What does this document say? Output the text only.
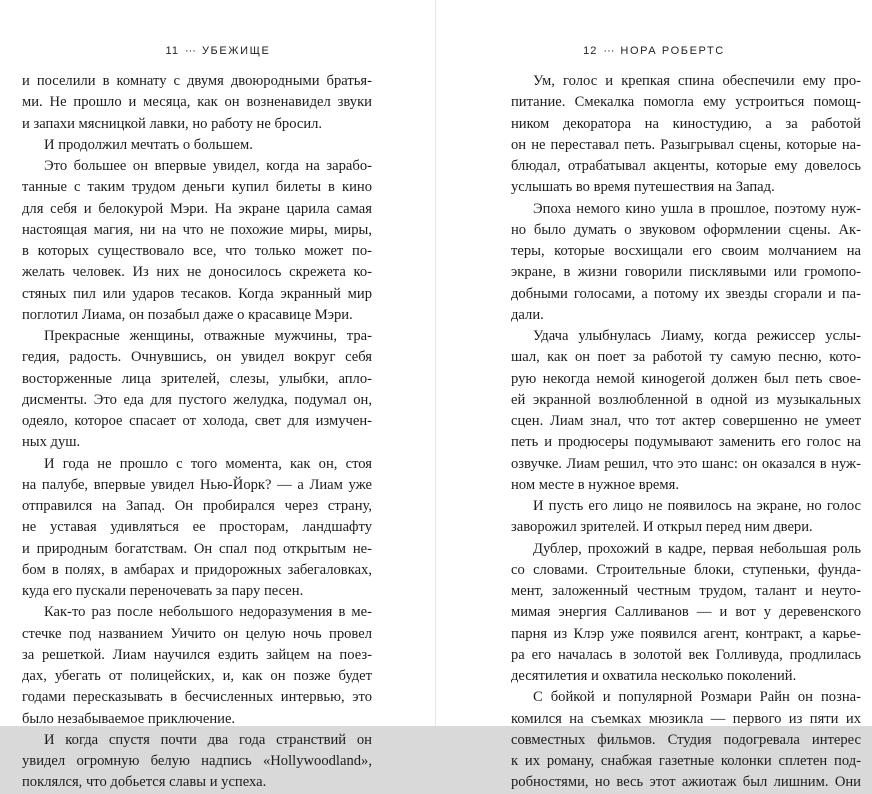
11 ··· УБЕЖИЩЕ
и поселили в комнату с двумя двоюродными братья-
ми. Не прошло и месяца, как он возненавидел звуки
и запахи мясницкой лавки, но работу не бросил.
И продолжил мечтать о большем.
Это большее он впервые увидел, когда на зарабо-
танные с таким трудом деньги купил билеты в кино
для себя и белокурой Мэри. На экране царила самая
настоящая магия, ни на что не похожие миры, миры,
в которых существовало все, что только может по-
желать человек. Из них не доносилось скрежета ко-
стяных пил или ударов тесаков. Когда экранный мир
поглотил Лиама, он позабыл даже о красавице Мэри.
Прекрасные женщины, отважные мужчины, тра-
гедия, радость. Очнувшись, он увидел вокруг себя
восторженные лица зрителей, слезы, улыбки, апло-
дисменты. Это еда для пустого желудка, подумал он,
одеяло, которое спасает от холода, свет для измучен-
ных душ.
И года не прошло с того момента, как он, стоя
на палубе, впервые увидел Нью-Йорк? — а Лиам уже
отправился на Запад. Он пробирался через страну,
не уставая удивляться ее просторам, ландшафту
и природным богатствам. Он спал под открытым не-
бом в полях, в амбарах и придорожных забегаловках,
куда его пускали переночевать за пару песен.
Как-то раз после небольшого недоразумения в ме-
стечке под названием Уичито он целую ночь провел
за решеткой. Лиам научился ездить зайцем на поез-
дах, убегать от полицейских, и, как он позже будет
годами пересказывать в бесчисленных интервью, это
было незабываемое приключение.
И когда спустя почти два года странствий он
увидел огромную белую надпись «Hollywoodland»,
поклялся, что добьется славы и успеха.
12 ··· НОРА РОБЕРТС
Ум, голос и крепкая спина обеспечили ему про-
питание. Смекалка помогла ему устроиться помощ-
ником декоратора на киностудию, а за работой
он не переставал петь. Разыгрывал сцены, которые на-
блюдал, отрабатывал акценты, которые ему довелось
услышать во время путешествия на Запад.
Эпоха немого кино ушла в прошлое, поэтому нуж-
но было думать о звуковом оформлении сцены. Ак-
теры, которые восхищали его своим молчанием на
экране, в жизни говорили писклявыми или громопо-
добными голосами, а потому их звезды сгорали и па-
дали.
Удача улыбнулась Лиаму, когда режиссер услы-
шал, как он поет за работой ту самую песню, кото-
рую некогда немой кинogerой должен был петь свое-
ей экранной возлюбленной в одной из музыкальных
сцен. Лиам знал, что тот актер совершенно не умеет
петь и продюсеры подумывают заменить его голос на
озвучке. Лиам решил, что это шанс: он оказался в нуж-
ном месте в нужное время.
И пусть его лицо не появилось на экране, но голос
заворожил зрителей. И открыл перед ним двери.
Дублер, прохожий в кадре, первая небольшая роль
со словами. Строительные блоки, ступеньки, фунда-
мент, заложенный честным трудом, талант и неуто-
мимая энергия Салливанов — и вот у деревенского
парня из Клэр уже появился агент, контракт, а карье-
ра его началась в золотой век Голливуда, продлилась
десятилетия и охватила несколько поколений.
С бойкой и популярной Розмари Райн он позна-
комился на съемках мюзикла — первого из пяти их
совместных фильмов. Студия подогревала интерес
к их роману, снабжая газетные колонки сплетен под-
робностями, но весь этот ажиотаж был лишним. Они
